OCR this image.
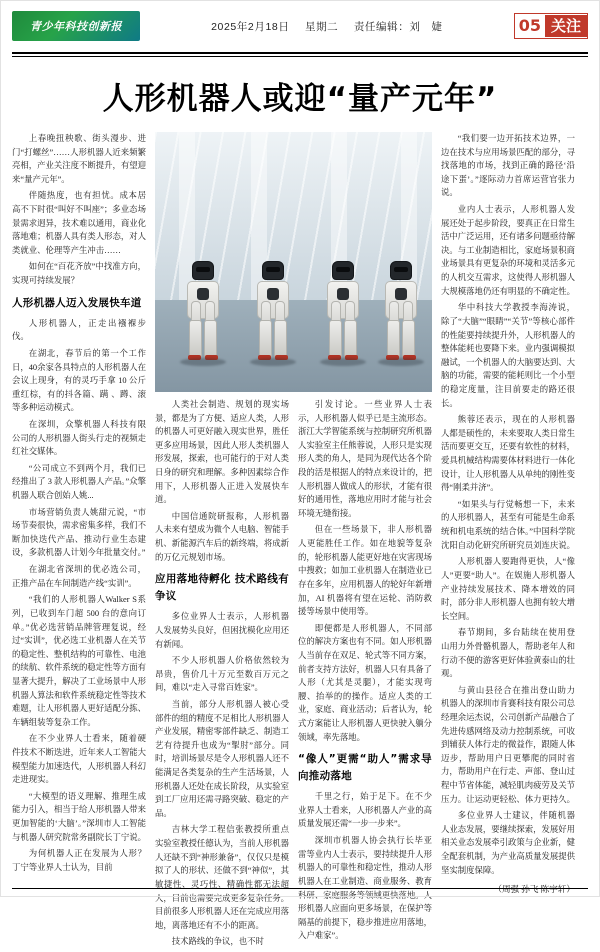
青少年科技创新报	2025年2月18日 星期二 责任编辑：刘　婕	05 关注
人形机器人或迎“量产元年”

上春晚扭秧歌、街头漫步、进门“打螺丝”……人形机器人近来频繁亮相，产业关注度不断提升，有望迎来“量产元年”。

伴随热度，也有担忧。成本居高不下时很“叫好不叫座”；多业态场景需求迥异，技术难以通用，商业化落地难；机器人具有类人形态，对人类就业、伦理等产生冲击……

如何在“百花齐放”中找准方向，实现可持续发展？

人形机器人迈入发展快车道

人形机器人，正走出襁褓步伐。

在湖北，春节后的第一个工作日，40余家各具特点的人形机器人在会议上现身，有的灵巧手拿 10 公斤重红棕，有的抖各篇、蹒 、蹲、滚等多种运动模式。

在深圳，众擎机器人科技有限公司的人形机器人街头行走的视频走红社交媒体。

“公司成立不到两个月，我们已经推出了 3 款人形机器人产品。”众擎机器人联合创始人姚...

市场营销负责人姚甜元说，“市场节奏很快，需求密集多样，我们不断加快迭代产品、推动行业生态建设，多款机器人计划今年批量交付。”

在湖北省深圳的优必选公司，正推产品在车间制造产线“实训”。

“我们的人形机器人Walker S系列，已收到车门超 500 台的意向订单。”优必选营销品牌管理复说，经过“实训”，优必选工业机器人在关节的稳定性、整机结构的可靠性、电池的续航、软件系统的稳定性等方面有显著大提升，解决了工业场景中人形机器人算法和软件系统稳定性等技术难题，让人形机器人更好适配分拣、车辆组装等复杂工作。

在不少业界人士看来，随着硬件技术不断迭进，近年来人工智能大模型能力加速迭代，人形机器人科幻走进现实。

“大模型的语义理解、推理生成能力引入，相当于给人形机器人带来更加智能的‘大脑’。”深圳市人工智能与机器人研究院常务副院长丁宁说。

为何机器人正在发展为人形？丁宁等业界人士认为，目前

人类社会制造、规划的现实场景，都是为了方便、适应人类，人形的机器人可更好融入现实世界，胜任更多应用场景，因此人形人类机器人形发展，探索，也可能行的于对人类日身的研究和理解。多种因素综合作用下，人形机器人正进入发展快车道。

中国信通院研报称，人形机器人未来有望成为微个人电脑、智能手机、新能源汽车后的新终端，将成新的万亿元规划市场。

应用落地待孵化 技术路线有争议

多位业界人士表示，人形机器人发展势头良好，但困扰模化应用还有新闻。

不少人形机器人价格依然较为昂贵，售价几十万元至数百万元之间，难以“走入寻常百姓家”。

当前，部分人形机器人被心受部件的组的精度不足相比人形机器人产业发展，精密零部件缺乏、制造工艺有待提升也成为“掣肘”部分。同时，培训场景尽是令人形机器人还不能满足各类复杂的生产生活场景，人形机器人还处在成长阶段，从实验室到工厂应用还需寻路突破、稳定的产品。

吉林大学工程信张教授所重点实验室教授任德认为，当前人形机器人还缺不到“神形兼备”，仅仅只是模拟了人的形状、还做不到“神似”，其敏捷性、灵巧性、精确性都无法超人，目前也需要完成更多复杂任务。目前很多人形机器人还在完成应用落地，离落地还有不小的距离。

技术路线的争议，也不时

引发讨论。一些业界人士表示，人形机器人似乎已是主流形态。浙江大学智能系统与控制研究所机器人实验室主任熊蓉说，人形只是实现形人类的角人，是同为现代达各个阶段的活是根据人的特点来设计的，把人形机器人做成人的形状，才能有很好的通用性，落地应用时才能与社会环境无缝衔接。

但在一些场景下，非人形机器人更能胜任工作。如在地貌等复杂的，轮形机器人能更好地在灾害现场中搜救；如加工业机器人在制造业已存在多年，应用机器人的轮好年新增加，AI 机器将有望在运轮、消防救援等场景中使用等。

即便都是人形机器人，不同部位的解决方案也有不同。如人形机器人当前存在双足、轮式等不同方案，前者支持方法好，机器人只有具备了人形（尤其是灵腿），才能实现弯腰、抬举的的操作。适应人类的工业，家庭、商业活动；后者认为，轮式方案能让人形机器人更快驶入躺分领域，率先落地。

“像人”更需“助人”需求导向推动落地

千里之行，始于足下。在不少业界人士看来，人形机器人产业的高质量发展还需“一步一步来”。

深圳市机器人协会执行长毕亚雷等业内人士表示，要持续提升人形机器人的可靠性和稳定性，推动人形机器人在工业制造、商业服务、教育科研、家庭服务等领域更快落地。人形机器人应面向更多场景，在保护等隔基的前提下，稳步推进应用落地，入户难家”。

“我们要一边开拓技术边界，一边在技术与应用场景匹配的部分，寻找落地的市场，找到正确的路径‘沿途下蛋’。”逐际动力首席运营官张力说。

业内人士表示，人形机器人发展还处于起步阶段，要真正在日常生活中广泛运用，还有诸多问题亟待解决。与工业制造相比，家庭场景积商业场景具有更复杂的环境和灵活多元的人机交互需求，这使得人形机器人大规模落地仍还有明显的不确定性。

华中科技大学教授李海涛说，除了“大脑”“眼睛”“关节”等核心部件的性能要持续提升外，人形机器人的整体能耗也要降下来。业内强调模拟融试，一个机器人的大脑要达到、大脑的功能，需要的能耗则比一个小型的稳定度量，注目前要走的路还很长。

熊蓉还表示，现在的人形机器人都是硕性的，未来要取人类日常生活而要更交互，还要有软性的材料，爱具机械结构需要体材料进行一体化设计，让人形机器人从单纯的刚性变得“刚柔并济”。

“如果头与行觉畅想一下，未来的人形机器人，甚至有可能是生命系统和机电系统的结合体。”中国科学院沈阳自动化研究所研究员刘连庆说。

人形机器人要跑得更快，人“像人”更要“助人”。在娱施人形机器人产业持续发展技术、降本增效的同时，部分非人形机器人也拥有较大增长空间。

春节期间，多台陆续在使用登山用力外骨骼机器人，帮助老年人和行动不便的游客更好体验黄泰山的壮观。

与黄山县径合在推出登山助力机器人的深圳市肯赛科技有限公司总经理余运杰说，公司创新产品融合了先进传感网络及动力控制系统，可收到辅获人体行走的微益作，跟随人体迈步，帮助用户日更攀爬的同时省力，帮助用户在行走、声部、登山过程中节省体能，减轻肌肉疲劳及关节压力。让运动更轻松、体力更持久。

多位业界人士建议，伴随机器人业态发展，要继续探索，发展好用相关业态发展牵引政策与企业新，健全配套机制，为产业高质量发展提供坚实制度保障。

（周强 孙飞 陈宇轩）
